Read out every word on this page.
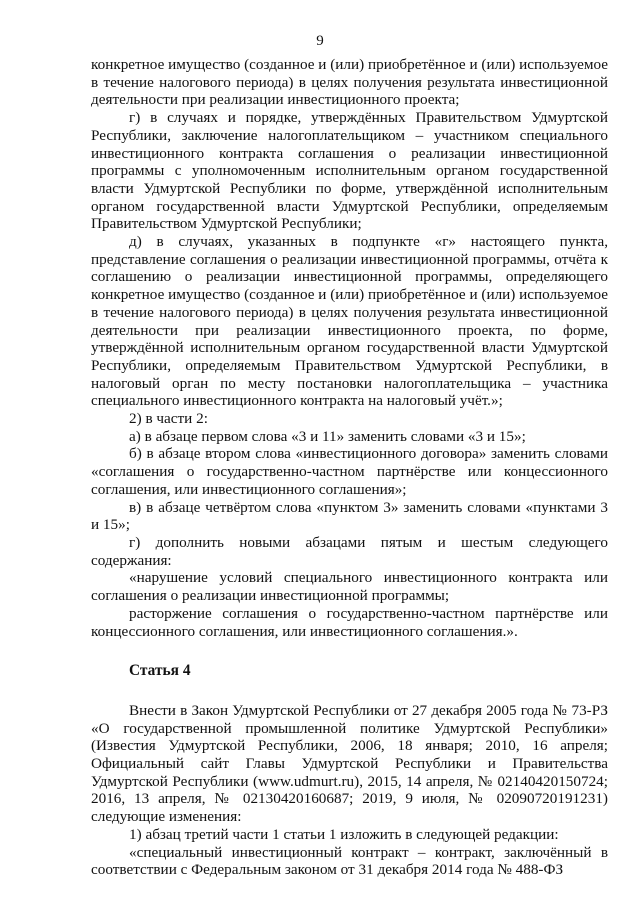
9

конкретное имущество (созданное и (или) приобретённое и (или) используемое в течение налогового периода) в целях получения результата инвестиционной деятельности при реализации инвестиционного проекта;

г) в случаях и порядке, утверждённых Правительством Удмуртской Республики, заключение налогоплательщиком – участником специального инвестиционного контракта соглашения о реализации инвестиционной программы с уполномоченным исполнительным органом государственной власти Удмуртской Республики по форме, утверждённой исполнительным органом государственной власти Удмуртской Республики, определяемым Правительством Удмуртской Республики;

д) в случаях, указанных в подпункте «г» настоящего пункта, представление соглашения о реализации инвестиционной программы, отчёта к соглашению о реализации инвестиционной программы, определяющего конкретное имущество (созданное и (или) приобретённое и (или) используемое в течение налогового периода) в целях получения результата инвестиционной деятельности при реализации инвестиционного проекта, по форме, утверждённой исполнительным органом государственной власти Удмуртской Республики, определяемым Правительством Удмуртской Республики, в налоговый орган по месту постановки налогоплательщика – участника специального инвестиционного контракта на налоговый учёт.»;

2) в части 2:

а) в абзаце первом слова «3 и 11» заменить словами «3 и 15»;

б) в абзаце втором слова «инвестиционного договора» заменить словами «соглашения о государственно-частном партнёрстве или концессионного соглашения, или инвестиционного соглашения»;

в) в абзаце четвёртом слова «пунктом 3» заменить словами «пунктами 3 и 15»;

г) дополнить новыми абзацами пятым и шестым следующего содержания:

«нарушение условий специального инвестиционного контракта или соглашения о реализации инвестиционной программы;

расторжение соглашения о государственно-частном партнёрстве или концессионного соглашения, или инвестиционного соглашения.».

Статья 4

Внести в Закон Удмуртской Республики от 27 декабря 2005 года № 73-РЗ «О государственной промышленной политике Удмуртской Республики» (Известия Удмуртской Республики, 2006, 18 января; 2010, 16 апреля; Официальный сайт Главы Удмуртской Республики и Правительства Удмуртской Республики (www.udmurt.ru), 2015, 14 апреля, № 02140420150724; 2016, 13 апреля, № 02130420160687; 2019, 9 июля, № 02090720191231) следующие изменения:

1) абзац третий части 1 статьи 1 изложить в следующей редакции:

«специальный инвестиционный контракт – контракт, заключённый в соответствии с Федеральным законом от 31 декабря 2014 года № 488-ФЗ
